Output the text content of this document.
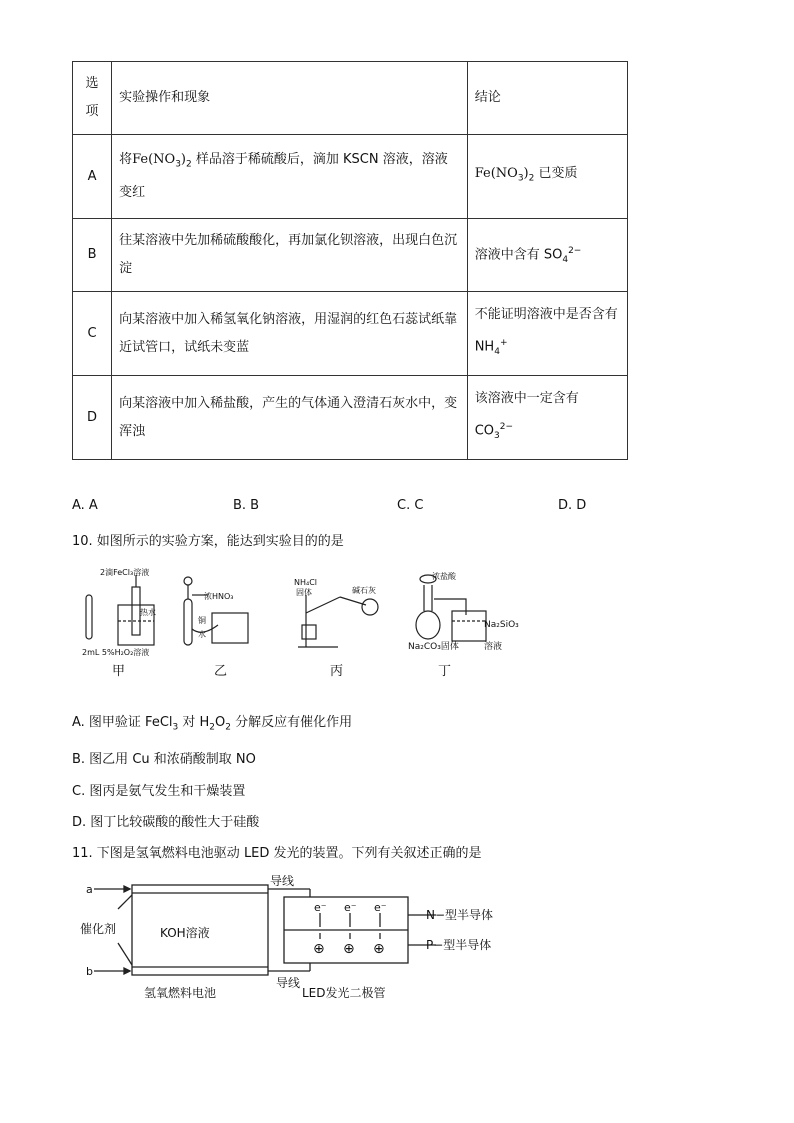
选
项	实验操作和现象	结论
A	将$Fe(NO_3)_2$ 样品溶于稀硫酸后，滴加 KSCN 溶液，溶液变红	$Fe(NO_3)_2$ 已变质
B	往某溶液中先加稀硫酸酸化，再加氯化钡溶液，出现白色沉淀	溶液中含有 $SO_4^{2-}$
C	向某溶液中加入稀氢氧化钠溶液，用湿润的红色石蕊试纸靠近试管口，试纸未变蓝	不能证明溶液中是否含有 $NH_4^+$
D	向某溶液中加入稀盐酸，产生的气体通入澄清石灰水中，变浑浊	该溶液中一定含有 $CO_3^{2-}$
A. A	B. B	C. C	D. D
10. 如图所示的实验方案，能达到实验目的的是
2滴FeCl₃溶液
热水
2mL 5%H₂O₂溶液
浓HNO₃
铜
水
NH₄Cl
固体	碱石灰
浓盐酸
Na₂SiO₃
Na₂CO₃固体	溶液
甲	乙	丙	丁
A. 图甲验证 FeCl$_3$ 对 $H_2O_2$ 分解反应有催化作用
B. 图乙用 Cu 和浓硝酸制取 NO
C. 图丙是氨气发生和干燥装置
D. 图丁比较碳酸的酸性大于硅酸
11. 下图是氢氧燃料电池驱动 LED 发光的装置。下列有关叙述正确的是
a
b
催化剂	KOH溶液
导线
导线
e⁻ e⁻ e⁻
⊕ ⊕ ⊕
N−型半导体
P−型半导体
氢氧燃料电池	LED发光二极管
